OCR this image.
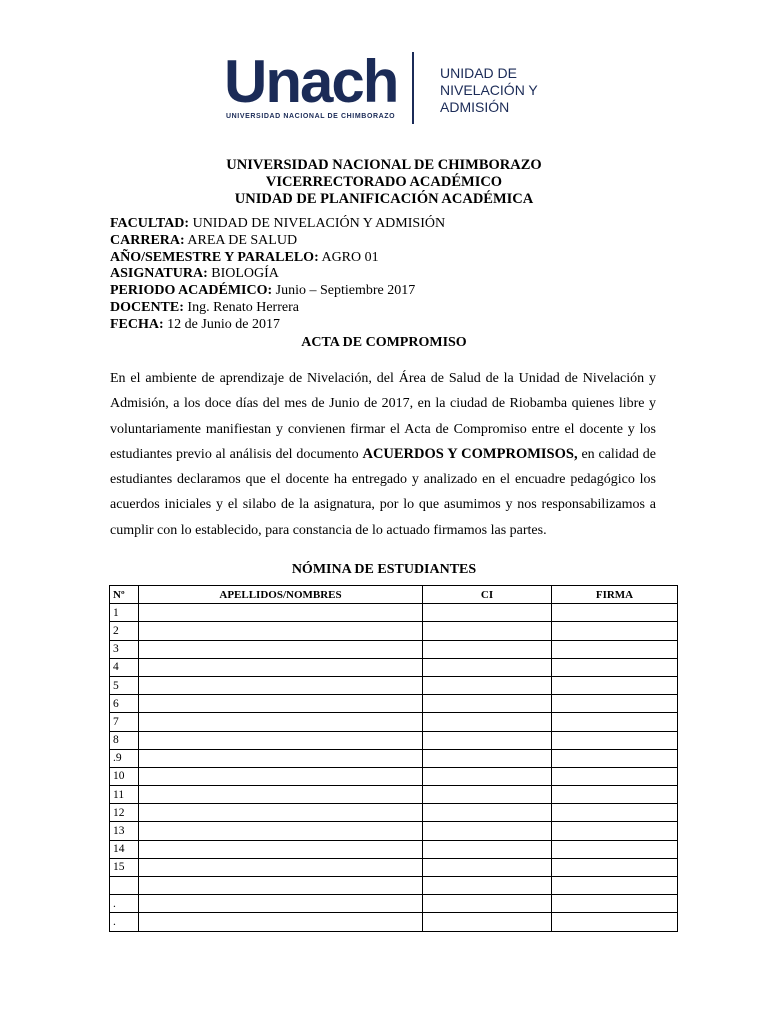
Unach
UNIVERSIDAD NACIONAL DE CHIMBORAZO
UNIDAD DE
NIVELACIÓN Y
ADMISIÓN
UNIVERSIDAD NACIONAL DE CHIMBORAZO
VICERRECTORADO ACADÉMICO
UNIDAD DE PLANIFICACIÓN ACADÉMICA
FACULTAD: UNIDAD DE NIVELACIÓN Y ADMISIÓN
CARRERA: AREA DE SALUD
AÑO/SEMESTRE Y PARALELO: AGRO 01
ASIGNATURA: BIOLOGÍA
PERIODO ACADÉMICO: Junio – Septiembre 2017
DOCENTE: Ing. Renato Herrera
FECHA: 12 de Junio de 2017
ACTA DE COMPROMISO
En el ambiente de aprendizaje de Nivelación, del Área de Salud de la Unidad de Nivelación y Admisión, a los doce días del mes de Junio de 2017, en la ciudad de Riobamba quienes libre y voluntariamente manifiestan y convienen firmar el Acta de Compromiso entre el docente y los estudiantes previo al análisis del documento ACUERDOS Y COMPROMISOS, en calidad de estudiantes declaramos que el docente ha entregado y analizado en el encuadre pedagógico los acuerdos iniciales y el silabo de la asignatura, por lo que asumimos y nos responsabilizamos a cumplir con lo establecido, para constancia de lo actuado firmamos las partes.
NÓMINA DE ESTUDIANTES
Nº	APELLIDOS/NOMBRES	CI	FIRMA
1			
2			
3			
4			
5			
6			
7			
8			
.9			
10			
11			
12			
13			
14			
15			

.			
.			
